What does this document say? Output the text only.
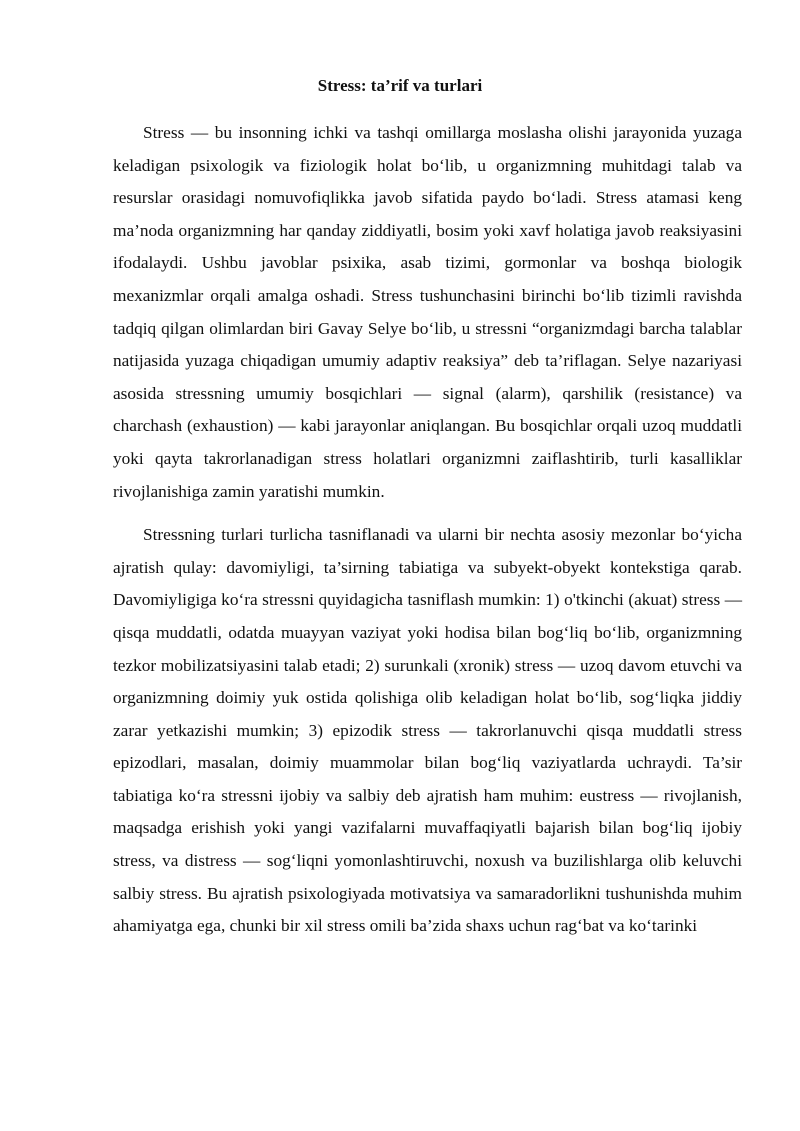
Stress: ta’rif va turlari

Stress — bu insonning ichki va tashqi omillarga moslasha olishi jarayonida yuzaga keladigan psixologik va fiziologik holat bo‘lib, u organizmning muhitdagi talab va resurslar orasidagi nomuvofiqlikka javob sifatida paydo bo‘ladi. Stress atamasi keng ma’noda organizmning har qanday ziddiyatli, bosim yoki xavf holatiga javob reaksiyasini ifodalaydi. Ushbu javoblar psixika, asab tizimi, gormonlar va boshqa biologik mexanizmlar orqali amalga oshadi. Stress tushunchasini birinchi bo‘lib tizimli ravishda tadqiq qilgan olimlardan biri Gavay Selye bo‘lib, u stressni “organizmdagi barcha talablar natijasida yuzaga chiqadigan umumiy adaptiv reaksiya” deb ta’riflagan. Selye nazariyasi asosida stressning umumiy bosqichlari — signal (alarm), qarshilik (resistance) va charchash (exhaustion) — kabi jarayonlar aniqlangan. Bu bosqichlar orqali uzoq muddatli yoki qayta takrorlanadigan stress holatlari organizmni zaiflashtirib, turli kasalliklar rivojlanishiga zamin yaratishi mumkin.

Stressning turlari turlicha tasniflanadi va ularni bir nechta asosiy mezonlar bo‘yicha ajratish qulay: davomiyligi, ta’sirning tabiatiga va subyekt-obyekt kontekstiga qarab. Davomiyligiga ko‘ra stressni quyidagicha tasniflash mumkin: 1) o'tkinchi (akuat) stress — qisqa muddatli, odatda muayyan vaziyat yoki hodisa bilan bog‘liq bo‘lib, organizmning tezkor mobilizatsiyasini talab etadi; 2) surunkali (xronik) stress — uzoq davom etuvchi va organizmning doimiy yuk ostida qolishiga olib keladigan holat bo‘lib, sog‘liqka jiddiy zarar yetkazishi mumkin; 3) epizodik stress — takrorlanuvchi qisqa muddatli stress epizodlari, masalan, doimiy muammolar bilan bog‘liq vaziyatlarda uchraydi. Ta’sir tabiatiga ko‘ra stressni ijobiy va salbiy deb ajratish ham muhim: eustress — rivojlanish, maqsadga erishish yoki yangi vazifalarni muvaffaqiyatli bajarish bilan bog‘liq ijobiy stress, va distress — sog‘liqni yomonlashtiruvchi, noxush va buzilishlarga olib keluvchi salbiy stress. Bu ajratish psixologiyada motivatsiya va samaradorlikni tushunishda muhim ahamiyatga ega, chunki bir xil stress omili ba’zida shaxs uchun rag‘bat va ko‘tarinki
